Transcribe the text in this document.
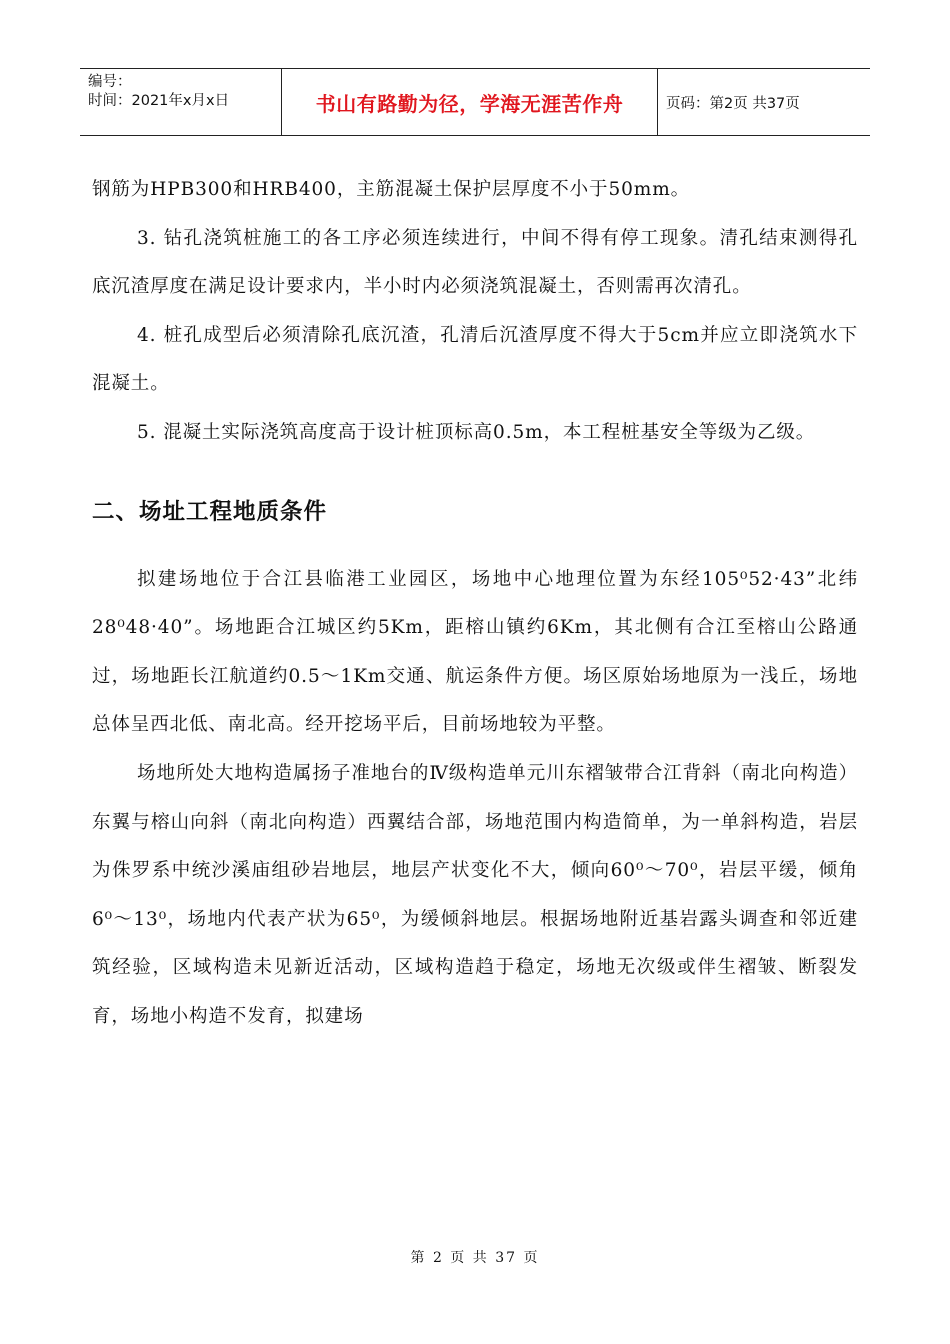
编号：
时间：2021年x月x日	书山有路勤为径，学海无涯苦作舟	页码：第2页 共37页

钢筋为HPB300和HRB400，主筋混凝土保护层厚度不小于50mm。

3. 钻孔浇筑桩施工的各工序必须连续进行，中间不得有停工现象。清孔结束测得孔底沉渣厚度在满足设计要求内，半小时内必须浇筑混凝土，否则需再次清孔。

4. 桩孔成型后必须清除孔底沉渣，孔清后沉渣厚度不得大于5cm并应立即浇筑水下混凝土。

5. 混凝土实际浇筑高度高于设计桩顶标高0.5m，本工程桩基安全等级为乙级。

二、场址工程地质条件

拟建场地位于合江县临港工业园区，场地中心地理位置为东经105⁰52·43”北纬28⁰48·40”。场地距合江城区约5Km，距榕山镇约6Km，其北侧有合江至榕山公路通过，场地距长江航道约0.5～1Km交通、航运条件方便。场区原始场地原为一浅丘，场地总体呈西北低、南北高。经开挖场平后，目前场地较为平整。

场地所处大地构造属扬子准地台的Ⅳ级构造单元川东褶皱带合江背斜（南北向构造）东翼与榕山向斜（南北向构造）西翼结合部，场地范围内构造简单，为一单斜构造，岩层为侏罗系中统沙溪庙组砂岩地层，地层产状变化不大，倾向60⁰～70⁰，岩层平缓，倾角6⁰～13⁰，场地内代表产状为65⁰，为缓倾斜地层。根据场地附近基岩露头调查和邻近建筑经验，区域构造未见新近活动，区域构造趋于稳定，场地无次级或伴生褶皱、断裂发育，场地小构造不发育，拟建场

第 2 页 共 37 页
